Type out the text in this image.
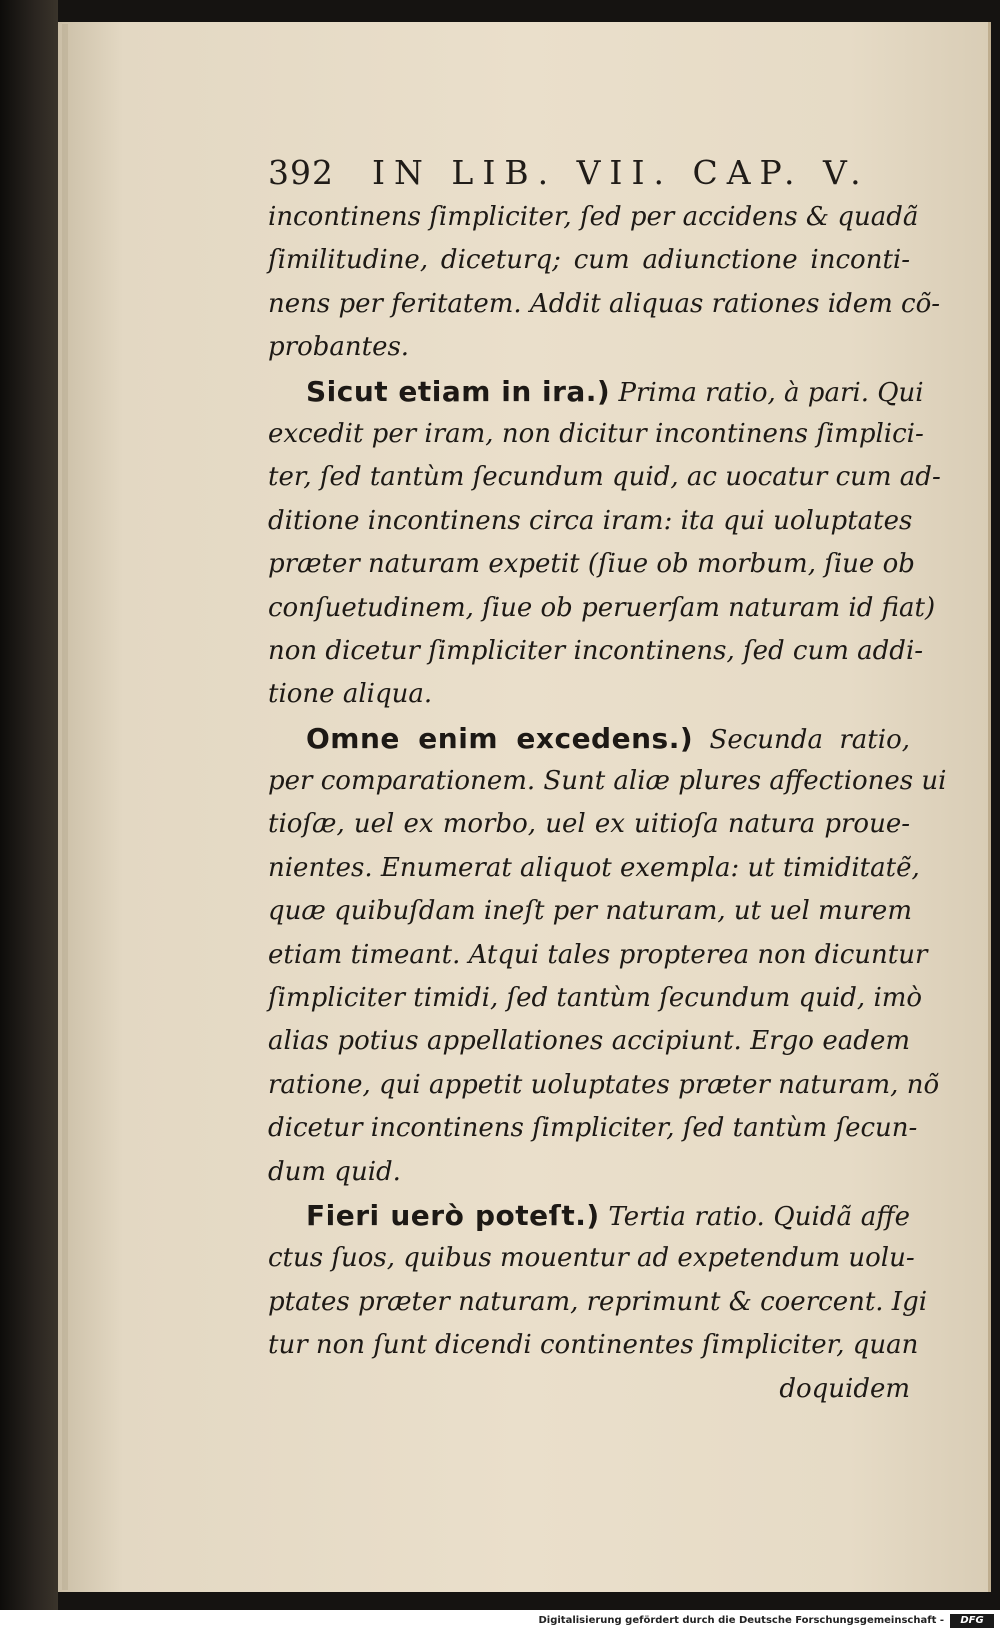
392 IN LIB. VII. CAP. V.
incontinens ſimpliciter, ſed per accidens & quadã
ſimilitudine, diceturq; cum adiunctione inconti-
nens per feritatem. Addit aliquas rationes idem cõ-
probantes.
Sicut etiam in ira.) Prima ratio, à pari. Qui
excedit per iram, non dicitur incontinens ſimplici-
ter, ſed tantùm ſecundum quid, ac uocatur cum ad-
ditione incontinens circa iram: ita qui uoluptates
præter naturam expetit (ſiue ob morbum, ſiue ob
conſuetudinem, ſiue ob peruerſam naturam id fiat)
non dicetur ſimpliciter incontinens, ſed cum addi-
tione aliqua.
Omne enim excedens.) Secunda ratio,
per comparationem. Sunt aliæ plures affectiones ui
tioſæ, uel ex morbo, uel ex uitioſa natura proue-
nientes. Enumerat aliquot exempla: ut timiditatẽ,
quæ quibuſdam ineſt per naturam, ut uel murem
etiam timeant. Atqui tales propterea non dicuntur
ſimpliciter timidi, ſed tantùm ſecundum quid, imò
alias potius appellationes accipiunt. Ergo eadem
ratione, qui appetit uoluptates præter naturam, nõ
dicetur incontinens ſimpliciter, ſed tantùm ſecun-
dum quid.
Fieri uerò poteſt.) Tertia ratio. Quidã affe
ctus ſuos, quibus mouentur ad expetendum uolu-
ptates præter naturam, reprimunt & coercent. Igi
tur non ſunt dicendi continentes ſimpliciter, quan
doquidem
Digitalisierung gefördert durch die Deutsche Forschungsgemeinschaft -	DFG
